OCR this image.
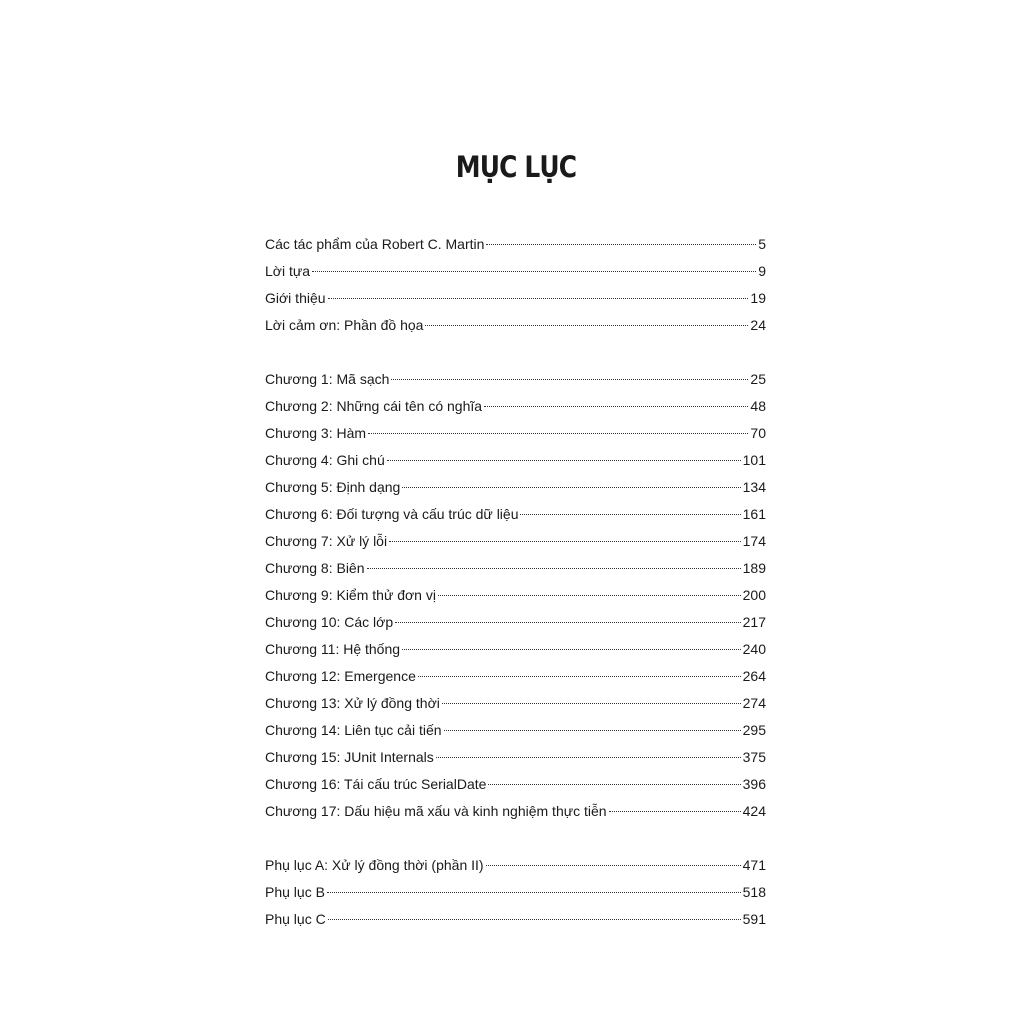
MỤC LỤC
Các tác phẩm của Robert C. Martin	5
Lời tựa	9
Giới thiệu	19
Lời cảm ơn: Phần đồ họa	24
Chương 1: Mã sạch	25
Chương 2: Những cái tên có nghĩa	48
Chương 3: Hàm	70
Chương 4: Ghi chú	101
Chương 5: Định dạng	134
Chương 6: Đối tượng và cấu trúc dữ liệu	161
Chương 7: Xử lý lỗi	174
Chương 8: Biên	189
Chương 9: Kiểm thử đơn vị	200
Chương 10: Các lớp	217
Chương 11: Hệ thống	240
Chương 12: Emergence	264
Chương 13: Xử lý đồng thời	274
Chương 14: Liên tục cải tiến	295
Chương 15: JUnit Internals	375
Chương 16: Tái cấu trúc SerialDate	396
Chương 17: Dấu hiệu mã xấu và kinh nghiệm thực tiễn	424
Phụ lục A: Xử lý đồng thời (phần II)	471
Phụ lục B	518
Phụ lục C	591
